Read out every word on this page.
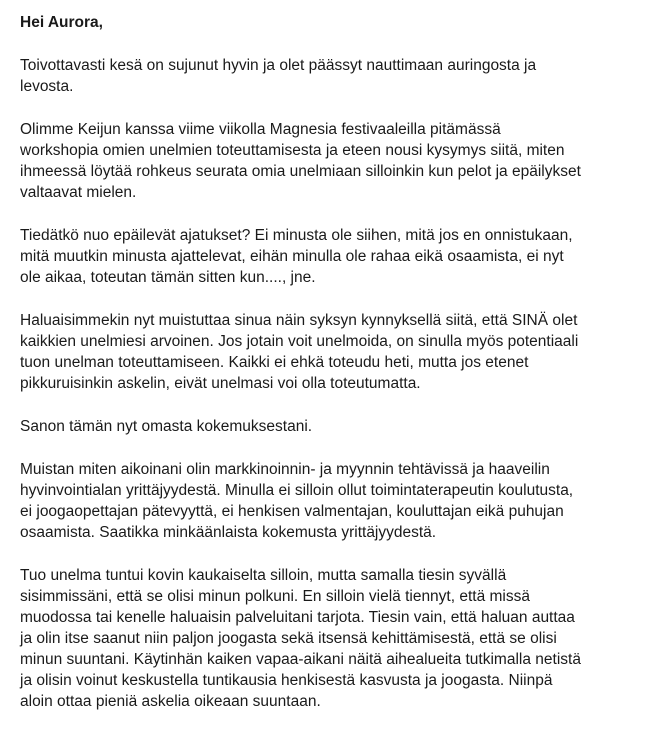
Hei Aurora,

Toivottavasti kesä on sujunut hyvin ja olet päässyt nauttimaan auringosta ja
levosta.

Olimme Keijun kanssa viime viikolla Magnesia festivaaleilla pitämässä
workshopia omien unelmien toteuttamisesta ja eteen nousi kysymys siitä, miten
ihmeessä löytää rohkeus seurata omia unelmiaan silloinkin kun pelot ja epäilykset
valtaavat mielen.

Tiedätkö nuo epäilevät ajatukset? Ei minusta ole siihen, mitä jos en onnistukaan,
mitä muutkin minusta ajattelevat, eihän minulla ole rahaa eikä osaamista, ei nyt
ole aikaa, toteutan tämän sitten kun...., jne.

Haluaisimmekin nyt muistuttaa sinua näin syksyn kynnyksellä siitä, että SINÄ olet
kaikkien unelmiesi arvoinen. Jos jotain voit unelmoida, on sinulla myös potentiaali
tuon unelman toteuttamiseen. Kaikki ei ehkä toteudu heti, mutta jos etenet
pikkuruisinkin askelin, eivät unelmasi voi olla toteutumatta.

Sanon tämän nyt omasta kokemuksestani.

Muistan miten aikoinani olin markkinoinnin- ja myynnin tehtävissä ja haaveilin
hyvinvointialan yrittäjyydestä. Minulla ei silloin ollut toimintaterapeutin koulutusta,
ei joogaopettajan pätevyyttä, ei henkisen valmentajan, kouluttajan eikä puhujan
osaamista. Saatikka minkäänlaista kokemusta yrittäjyydestä.

Tuo unelma tuntui kovin kaukaiselta silloin, mutta samalla tiesin syvällä
sisimmissäni, että se olisi minun polkuni. En silloin vielä tiennyt, että missä
muodossa tai kenelle haluaisin palveluitani tarjota. Tiesin vain, että haluan auttaa
ja olin itse saanut niin paljon joogasta sekä itsensä kehittämisestä, että se olisi
minun suuntani. Käytinhän kaiken vapaa-aikani näitä aihealueita tutkimalla netistä
ja olisin voinut keskustella tuntikausia henkisestä kasvusta ja joogasta. Niinpä
aloin ottaa pieniä askelia oikeaan suuntaan.
